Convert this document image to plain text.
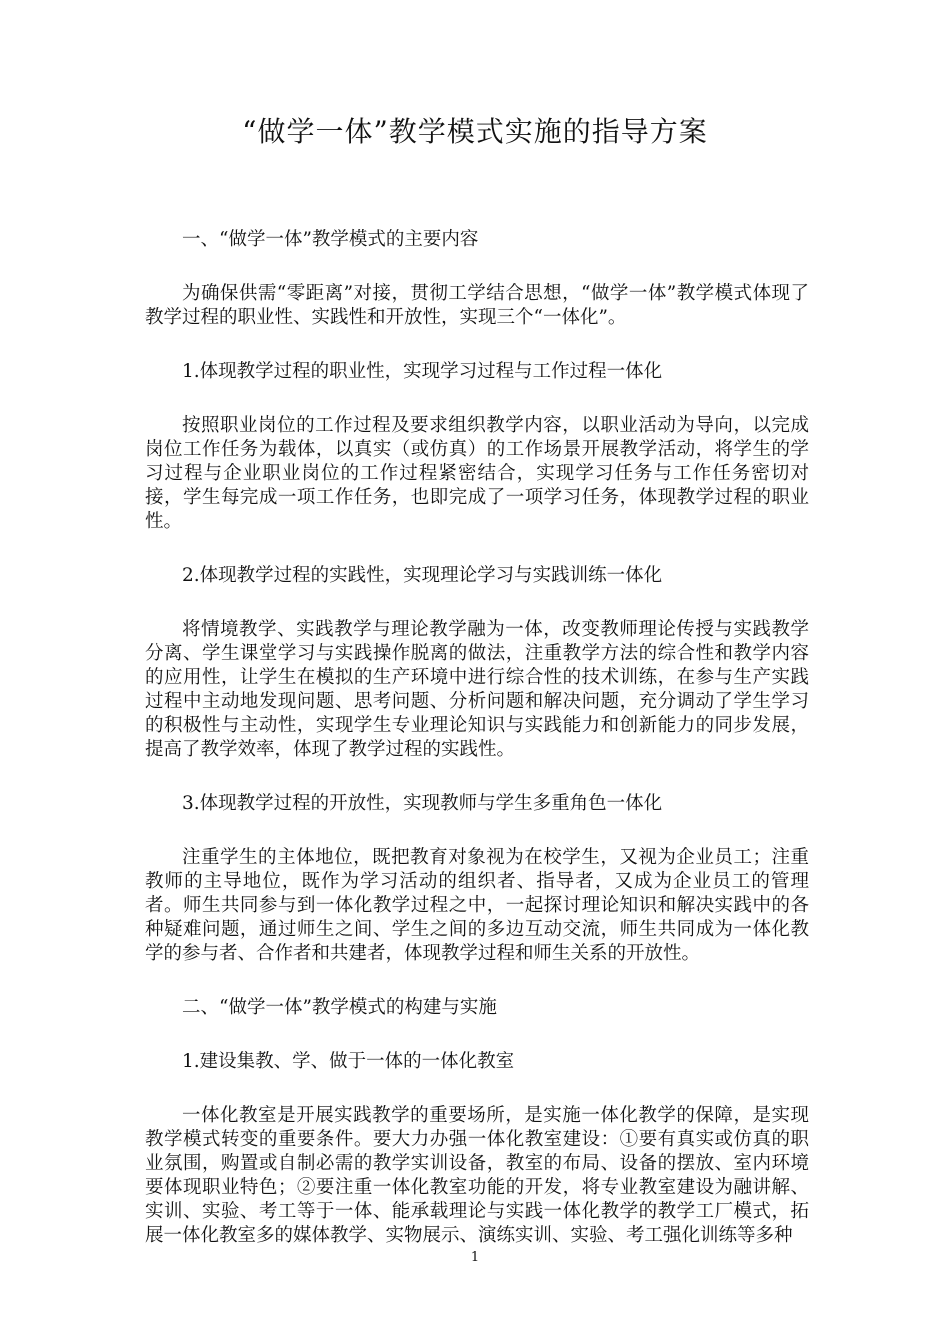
“做学一体”教学模式实施的指导方案

一、“做学一体”教学模式的主要内容

为确保供需“零距离”对接，贯彻工学结合思想，“做学一体”教学模式体现了教学过程的职业性、实践性和开放性，实现三个“一体化”。

1.体现教学过程的职业性，实现学习过程与工作过程一体化

按照职业岗位的工作过程及要求组织教学内容，以职业活动为导向，以完成岗位工作任务为载体，以真实（或仿真）的工作场景开展教学活动，将学生的学习过程与企业职业岗位的工作过程紧密结合，实现学习任务与工作任务密切对接，学生每完成一项工作任务，也即完成了一项学习任务，体现教学过程的职业性。

2.体现教学过程的实践性，实现理论学习与实践训练一体化

将情境教学、实践教学与理论教学融为一体，改变教师理论传授与实践教学分离、学生课堂学习与实践操作脱离的做法，注重教学方法的综合性和教学内容的应用性，让学生在模拟的生产环境中进行综合性的技术训练，在参与生产实践过程中主动地发现问题、思考问题、分析问题和解决问题，充分调动了学生学习的积极性与主动性，实现学生专业理论知识与实践能力和创新能力的同步发展，提高了教学效率，体现了教学过程的实践性。

3.体现教学过程的开放性，实现教师与学生多重角色一体化

注重学生的主体地位，既把教育对象视为在校学生，又视为企业员工；注重教师的主导地位，既作为学习活动的组织者、指导者，又成为企业员工的管理者。师生共同参与到一体化教学过程之中，一起探讨理论知识和解决实践中的各种疑难问题，通过师生之间、学生之间的多边互动交流，师生共同成为一体化教学的参与者、合作者和共建者，体现教学过程和师生关系的开放性。

二、“做学一体”教学模式的构建与实施

1.建设集教、学、做于一体的一体化教室

一体化教室是开展实践教学的重要场所，是实施一体化教学的保障，是实现教学模式转变的重要条件。要大力办强一体化教室建设：①要有真实或仿真的职业氛围，购置或自制必需的教学实训设备，教室的布局、设备的摆放、室内环境要体现职业特色；②要注重一体化教室功能的开发，将专业教室建设为融讲解、实训、实验、考工等于一体、能承载理论与实践一体化教学的教学工厂模式，拓展一体化教室多的媒体教学、实物展示、演练实训、实验、考工强化训练等多种

1
